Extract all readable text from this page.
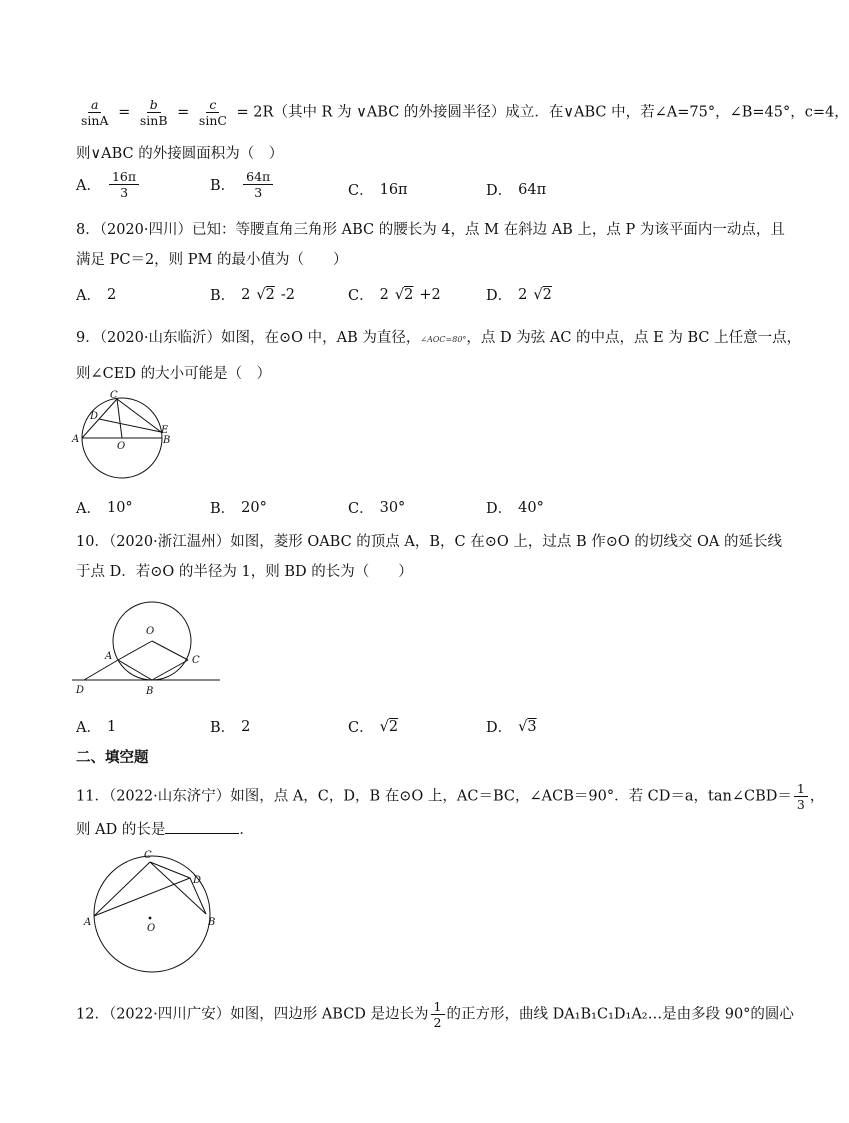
$\frac{a}{\sin A} = \frac{b}{\sin B} = \frac{c}{\sin C} = 2R$（其中 R 为 ∨ABC 的外接圆半径）成立．在∨ABC 中，若∠A=75°，∠B=45°，c=4，
则∨ABC 的外接圆面积为（　）
A． $\frac{16\pi}{3}$	B． $\frac{64\pi}{3}$	C． 16π	D． 64π
8．（2020·四川）已知：等腰直角三角形 ABC 的腰长为 4，点 M 在斜边 AB 上，点 P 为该平面内一动点，且
满足 PC＝2，则 PM 的最小值为（　　）
A． 2	B． 2 √2 -2	C． 2 √2 +2	D． 2 √2
9．（2020·山东临沂）如图，在⊙O 中，AB 为直径，∠AOC=80°，点 D 为弦 AC 的中点，点 E 为 BC 上任意一点，
则∠CED 的大小可能是（　）
C
D
A
O
E
B
A． 10°	B． 20°	C． 30°	D． 40°
10．（2020·浙江温州）如图，菱形 OABC 的顶点 A，B，C 在⊙O 上，过点 B 作⊙O 的切线交 OA 的延长线
于点 D．若⊙O 的半径为 1，则 BD 的长为（　　）
O
A	C
D	B
A． 1	B． 2	C． √2	D． √3
二、填空题
11．（2022·山东济宁）如图，点 A，C，D，B 在⊙O 上，AC＝BC，∠ACB＝90°．若 CD＝a，tan∠CBD＝ $\frac{1}{3}$ ，
则 AD 的长是	．
C
D
A	B
O
12．（2022·四川广安）如图，四边形 ABCD 是边长为 $\frac{1}{2}$ 的正方形，曲线 DA₁B₁C₁D₁A₂…是由多段 90°的圆心
